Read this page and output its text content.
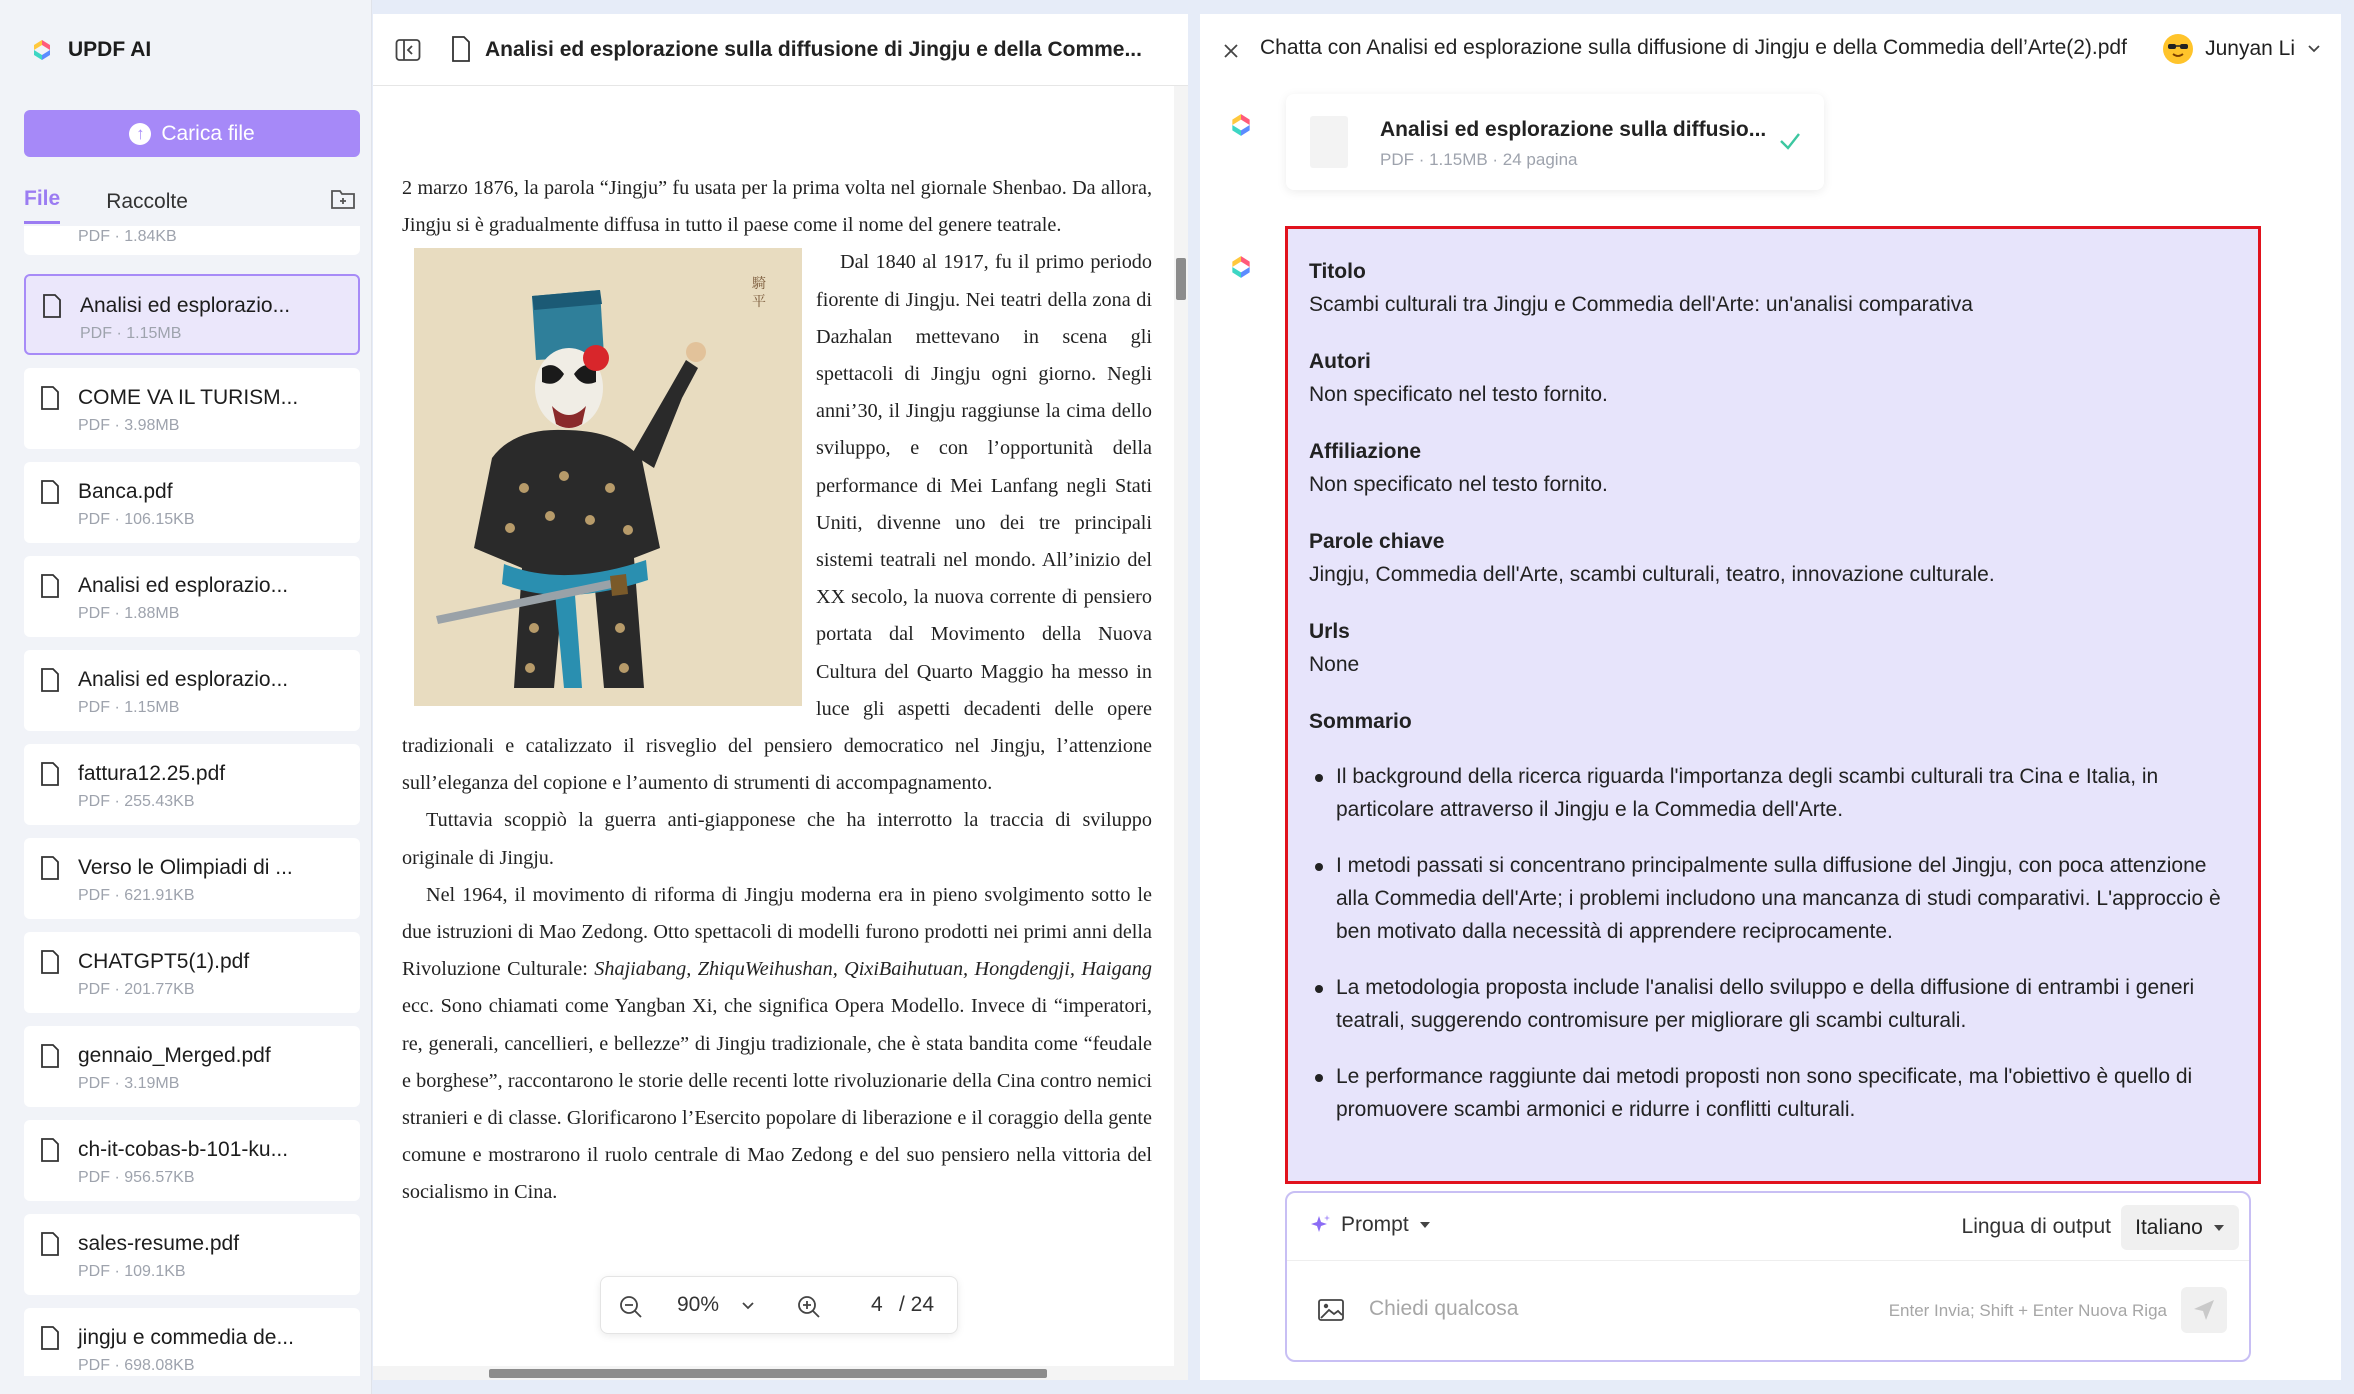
UPDF AI
↑ Carica file
File Raccolte
PDF · 1.84KB
Analisi ed esplorazio...
PDF · 1.15MB
COME VA IL TURISM...
PDF · 3.98MB
Banca.pdf
PDF · 106.15KB
Analisi ed esplorazio...
PDF · 1.88MB
Analisi ed esplorazio...
PDF · 1.15MB
fattura12.25.pdf
PDF · 255.43KB
Verso le Olimpiadi di ...
PDF · 621.91KB
CHATGPT5(1).pdf
PDF · 201.77KB
gennaio_Merged.pdf
PDF · 3.19MB
ch-it-cobas-b-101-ku...
PDF · 956.57KB
sales-resume.pdf
PDF · 109.1KB
jingju e commedia de...
PDF · 698.08KB
Analisi ed esplorazione sulla diffusione di Jingju e della Comme...

2 marzo 1876, la parola “Jingju” fu usata per la prima volta nel giornale Shenbao. Da allora, Jingju si è gradualmente diffusa in tutto il paese come il nome del genere teatrale.

騎
平

Dal 1840 al 1917, fu il primo periodo fiorente di Jingju. Nei teatri della zona di Dazhalan mettevano in scena gli spettacoli di Jingju ogni giorno. Negli anni’30, il Jingju raggiunse la cima dello sviluppo, e con l’opportunità della performance di Mei Lanfang negli Stati Uniti, divenne uno dei tre principali sistemi teatrali nel mondo. All’inizio del XX secolo, la nuova corrente di pensiero portata dal Movimento della Nuova Cultura del Quarto Maggio ha messo in luce gli aspetti decadenti delle opere tradizionali e catalizzato il risveglio del pensiero democratico nel Jingju, l’attenzione sull’eleganza del copione e l’aumento di strumenti di accompagnamento.

Tuttavia scoppiò la guerra anti-giapponese che ha interrotto la traccia di sviluppo originale di Jingju.

Nel 1964, il movimento di riforma di Jingju moderna era in pieno svolgimento sotto le due istruzioni di Mao Zedong. Otto spettacoli di modelli furono prodotti nei primi anni della Rivoluzione Culturale: Shajiabang, ZhiquWeihushan, QixiBaihutuan, Hongdengji, Haigang ecc. Sono chiamati come Yangban Xi, che significa Opera Modello. Invece di “imperatori, re, generali, cancellieri, e bellezze” di Jingju tradizionale, che è stata bandita come “feudale e borghese”, raccontarono le storie delle recenti lotte rivoluzionarie della Cina contro nemici stranieri e di classe. Glorificarono l’Esercito popolare di liberazione e il coraggio della gente comune e mostrarono il ruolo centrale di Mao Zedong e del suo pensiero nella vittoria del socialismo in Cina.

90%	4 / 24
Chatta con Analisi ed esplorazione sulla diffusione di Jingju e della Commedia dell’Arte(2).pdf	Junyan Li
Analisi ed esplorazione sulla diffusio...
PDF · 1.15MB · 24 pagina
Titolo
Scambi culturali tra Jingju e Commedia dell'Arte: un'analisi comparativa
Autori
Non specificato nel testo fornito.
Affiliazione
Non specificato nel testo fornito.
Parole chiave
Jingju, Commedia dell'Arte, scambi culturali, teatro, innovazione culturale.
Urls
None
Sommario
Il background della ricerca riguarda l'importanza degli scambi culturali tra Cina e Italia, in particolare attraverso il Jingju e la Commedia dell'Arte.
I metodi passati si concentrano principalmente sulla diffusione del Jingju, con poca attenzione alla Commedia dell'Arte; i problemi includono una mancanza di studi comparativi. L'approccio è ben motivato dalla necessità di apprendere reciprocamente.
La metodologia proposta include l'analisi dello sviluppo e della diffusione di entrambi i generi teatrali, suggerendo contromisure per migliorare gli scambi culturali.
Le performance raggiunte dai metodi proposti non sono specificate, ma l'obiettivo è quello di promuovere scambi armonici e ridurre i conflitti culturali.
Prompt	Lingua di output Italiano
Chiedi qualcosa
Enter Invia; Shift + Enter Nuova Riga
